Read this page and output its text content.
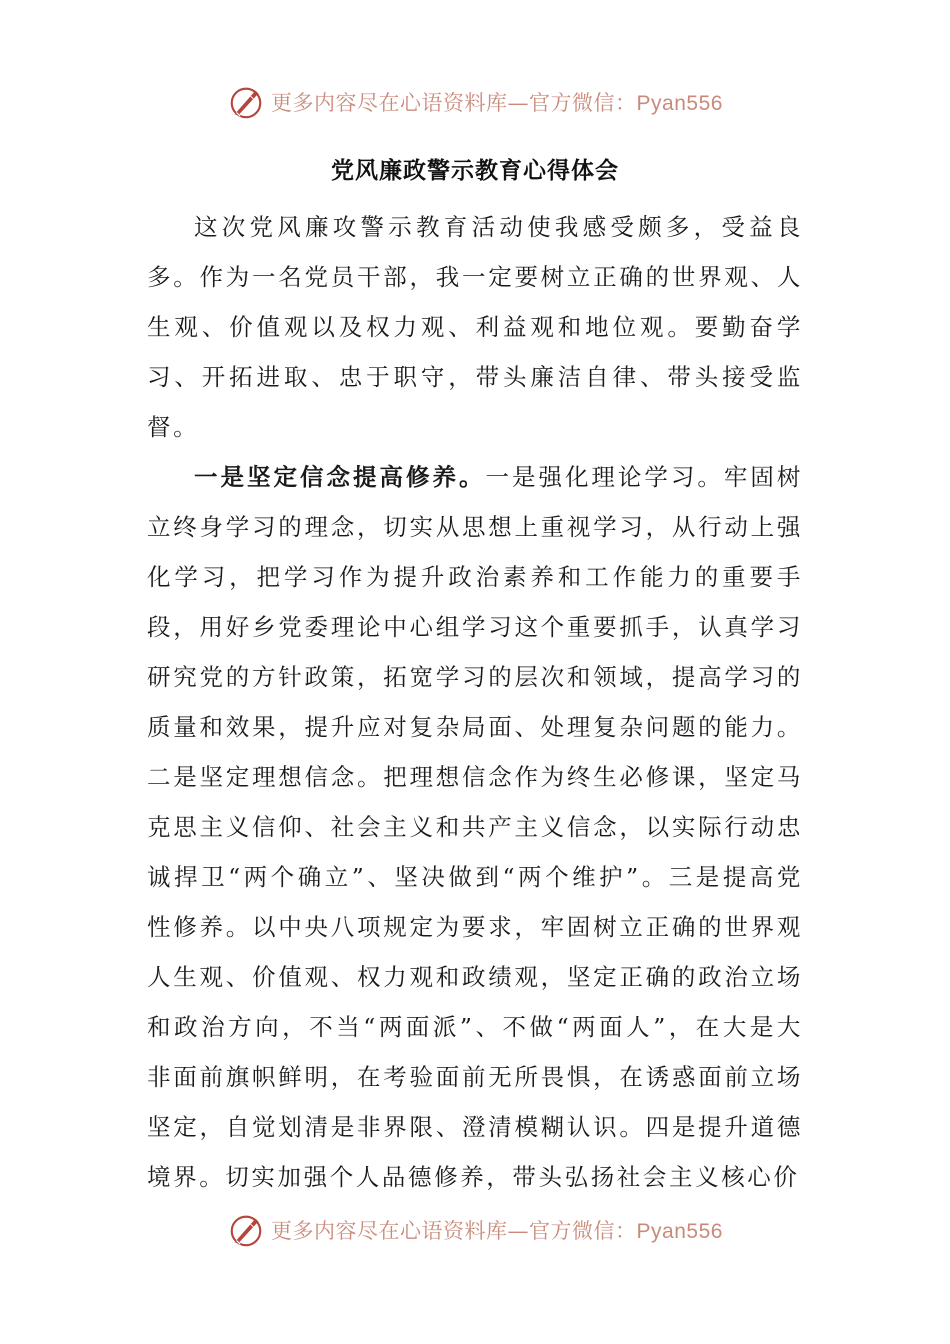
更多内容尽在心语资料库—官方微信：Pyan556
党风廉政警示教育心得体会

这次党风廉攻警示教育活动使我感受颇多，受益良多。作为一名党员干部，我一定要树立正确的世界观、人生观、价值观以及权力观、利益观和地位观。要勤奋学习、开拓进取、忠于职守，带头廉洁自律、带头接受监督。

一是坚定信念提高修养。一是强化理论学习。牢固树立终身学习的理念，切实从思想上重视学习，从行动上强化学习，把学习作为提升政治素养和工作能力的重要手段，用好乡党委理论中心组学习这个重要抓手，认真学习研究党的方针政策，拓宽学习的层次和领域，提高学习的质量和效果，提升应对复杂局面、处理复杂问题的能力。二是坚定理想信念。把理想信念作为终生必修课，坚定马克思主义信仰、社会主义和共产主义信念，以实际行动忠诚捍卫“两个确立”、坚决做到“两个维护”。三是提高党性修养。以中央八项规定为要求，牢固树立正确的世界观人生观、价值观、权力观和政绩观，坚定正确的政治立场和政治方向，不当“两面派”、不做“两面人”，在大是大非面前旗帜鲜明，在考验面前无所畏惧，在诱惑面前立场坚定，自觉划清是非界限、澄清模糊认识。四是提升道德境界。切实加强个人品德修养，带头弘扬社会主义核心价

更多内容尽在心语资料库—官方微信：Pyan556
